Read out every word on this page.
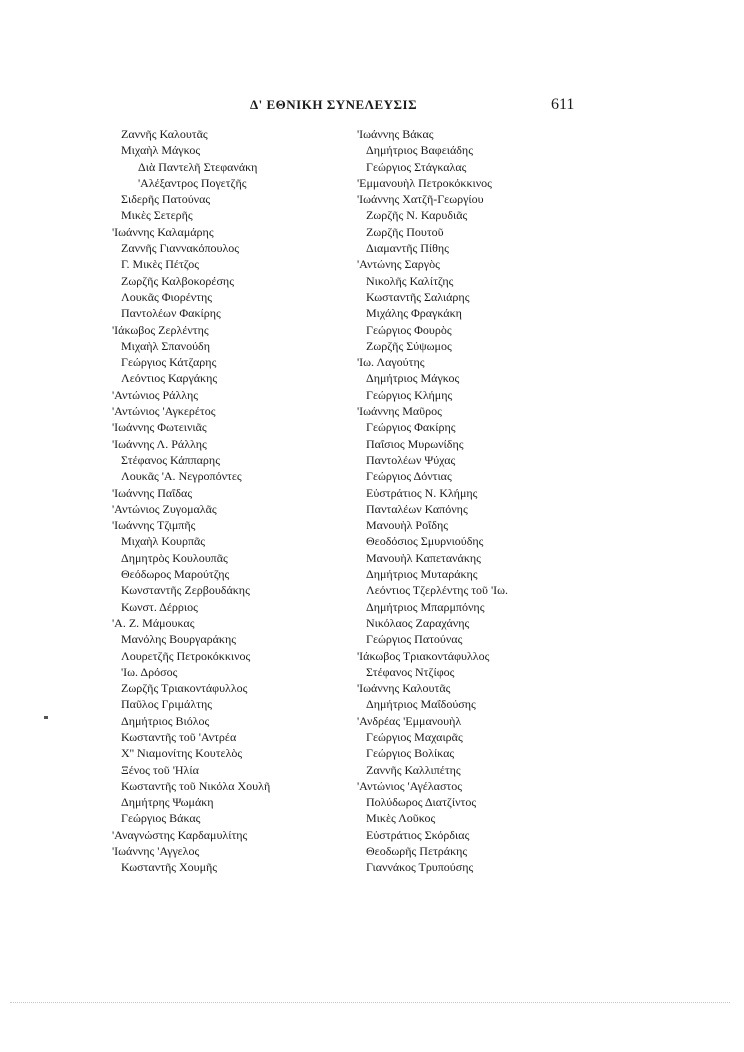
Δ' ΕΘΝΙΚΗ ΣΥΝΕΛΕΥΣΙΣ	611
Ζαννῆς Καλουτᾶς
Μιχαὴλ Μάγκος
Διὰ Παντελῆ Στεφανάκη
'Αλέξαντρος Πογετζῆς
Σιδερῆς Πατούνας
Μικὲς Σετερῆς
'Ιωάννης Καλαμάρης
Ζαννῆς Γιαννακόπουλος
Γ. Μικὲς Πέτζος
Ζωρζῆς Καλβοκορέσης
Λουκᾶς Φιορέντης
Παντολέων Φακίρης
'Ιάκωβος Ζερλέντης
Μιχαὴλ Σπανούδη
Γεώργιος Κάτζαρης
Λεόντιος Καργάκης
'Αντώνιος Ράλλης
'Αντώνιος 'Αγκερέτος
'Ιωάννης Φωτεινιᾶς
'Ιωάννης Λ. Ράλλης
Στέφανος Κάππαρης
Λουκᾶς 'Α. Νεγροπόντες
'Ιωάννης Παΐδας
'Αντώνιος Ζυγομαλᾶς
'Ιωάννης Τζιμπῆς
Μιχαὴλ Κουρπᾶς
Δημητρὸς Κουλουπᾶς
Θεόδωρος Μαρούτζης
Κωνσταντῆς Ζερβουδάκης
Κωνστ. Δέρριος
'Α. Ζ. Μάμουκας
Μανόλης Βουργαράκης
Λουρετζῆς Πετροκόκκινος
'Ιω. Δρόσος
Ζωρζῆς Τριακοντάφυλλος
Παῦλος Γριμάλτης
Δημήτριος Βιόλος
Κωσταντῆς τοῦ 'Αντρέα
Χ'' Νιαμονίτης Κουτελὸς
Ξένος τοῦ 'Ηλία
Κωσταντῆς τοῦ Νικόλα Χουλῆ
Δημήτρης Ψωμάκη
Γεώργιος Βάκας
'Αναγνώστης Καρδαμυλίτης
'Ιωάννης 'Αγγελος
Κωσταντῆς Χουμῆς
'Ιωάννης Βάκας
Δημήτριος Βαφειάδης
Γεώργιος Στάγκαλας
'Εμμανουὴλ Πετροκόκκινος
'Ιωάννης Χατζῆ-Γεωργίου
Ζωρζῆς Ν. Καρυδιᾶς
Ζωρζῆς Πουτοῦ
Διαμαντῆς Πίθης
'Αντώνης Σαργὸς
Νικολῆς Καλίτζης
Κωσταντῆς Σαλιάρης
Μιχάλης Φραγκάκη
Γεώργιος Φουρὸς
Ζωρζῆς Σύψωμος
'Ιω. Λαγούτης
Δημήτριος Μάγκος
Γεώργιος Κλήμης
'Ιωάννης Μαῦρος
Γεώργιος Φακίρης
Παΐσιος Μυρωνίδης
Παντολέων Ψύχας
Γεώργιος Δόντιας
Εὐστράτιος Ν. Κλήμης
Πανταλέων Καπόνης
Μανουὴλ Ροΐδης
Θεοδόσιος Σμυρνιούδης
Μανουὴλ Καπετανάκης
Δημήτριος Μυταράκης
Λεόντιος Τζερλέντης τοῦ 'Ιω.
Δημήτριος Μπαρμπόνης
Νικόλαος Ζαραχάνης
Γεώργιος Πατούνας
'Ιάκωβος Τριακοντάφυλλος
Στέφανος Ντζίφος
'Ιωάννης Καλουτᾶς
Δημήτριος Μαΐδούσης
'Ανδρέας 'Εμμανουὴλ
Γεώργιος Μαχαιρᾶς
Γεώργιος Βολίκας
Ζαννῆς Καλλιπέτης
'Αντώνιος 'Αγέλαστος
Πολύδωρος Διατζίντος
Μικὲς Λοῦκος
Εὐστράτιος Σκόρδιας
Θεοδωρῆς Πετράκης
Γιαννάκος Τρυπούσης
